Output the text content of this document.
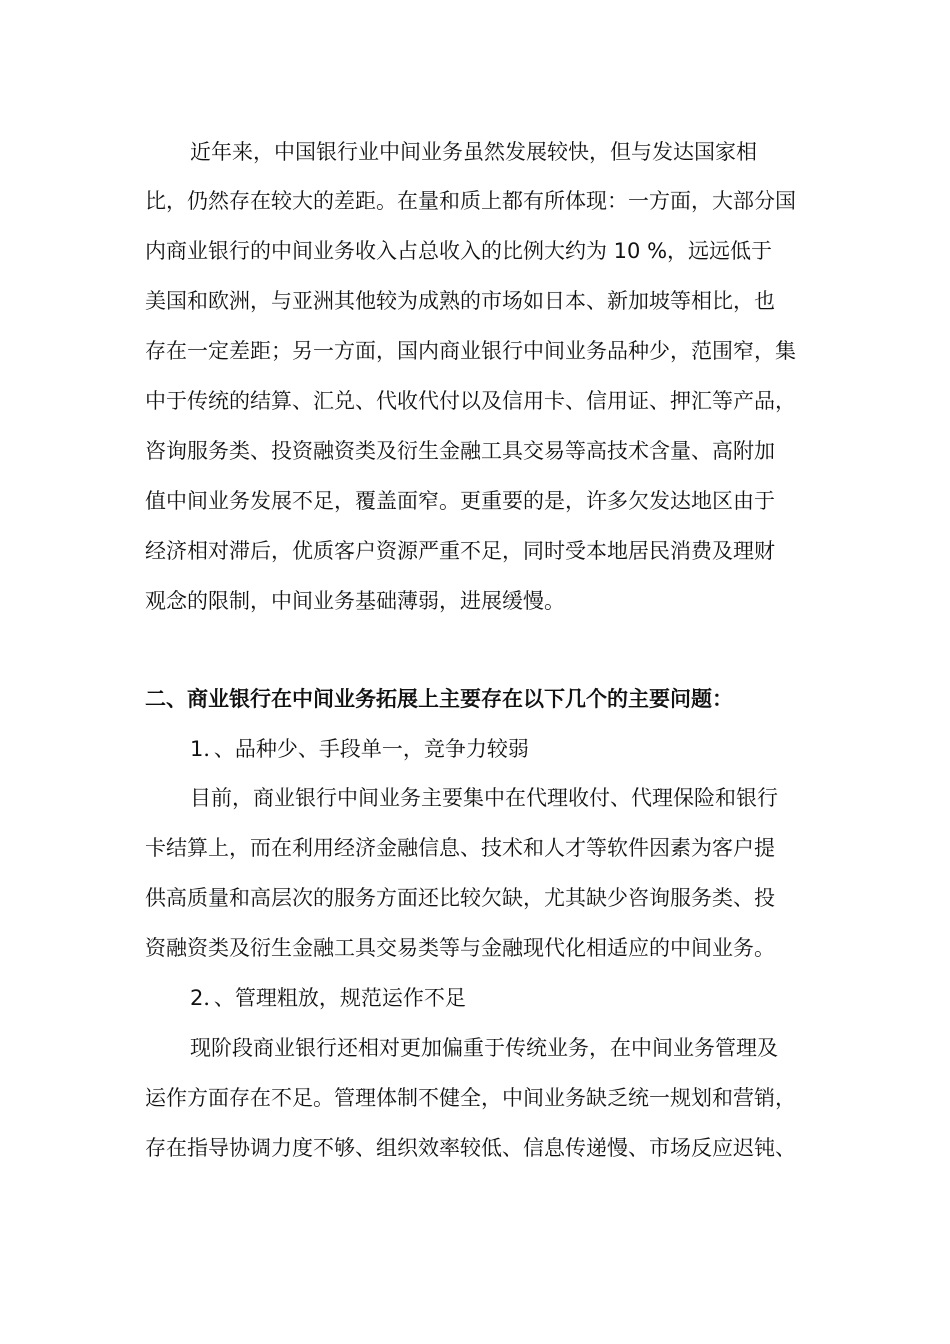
近年来，中国银行业中间业务虽然发展较快，但与发达国家相
比，仍然存在较大的差距。在量和质上都有所体现：一方面，大部分国
内商业银行的中间业务收入占总收入的比例大约为 10 %，远远低于
美国和欧洲，与亚洲其他较为成熟的市场如日本、新加坡等相比，也
存在一定差距；另一方面，国内商业银行中间业务品种少，范围窄，集
中于传统的结算、汇兑、代收代付以及信用卡、信用证、押汇等产品，
咨询服务类、投资融资类及衍生金融工具交易等高技术含量、高附加
值中间业务发展不足，覆盖面窄。更重要的是，许多欠发达地区由于
经济相对滞后，优质客户资源严重不足，同时受本地居民消费及理财
观念的限制，中间业务基础薄弱，进展缓慢。
二、商业银行在中间业务拓展上主要存在以下几个的主要问题：
1．、品种少、手段单一，竞争力较弱
目前，商业银行中间业务主要集中在代理收付、代理保险和银行
卡结算上，而在利用经济金融信息、技术和人才等软件因素为客户提
供高质量和高层次的服务方面还比较欠缺，尤其缺少咨询服务类、投
资融资类及衍生金融工具交易类等与金融现代化相适应的中间业务。
2．、管理粗放，规范运作不足
现阶段商业银行还相对更加偏重于传统业务，在中间业务管理及
运作方面存在不足。管理体制不健全，中间业务缺乏统一规划和营销，
存在指导协调力度不够、组织效率较低、信息传递慢、市场反应迟钝、
